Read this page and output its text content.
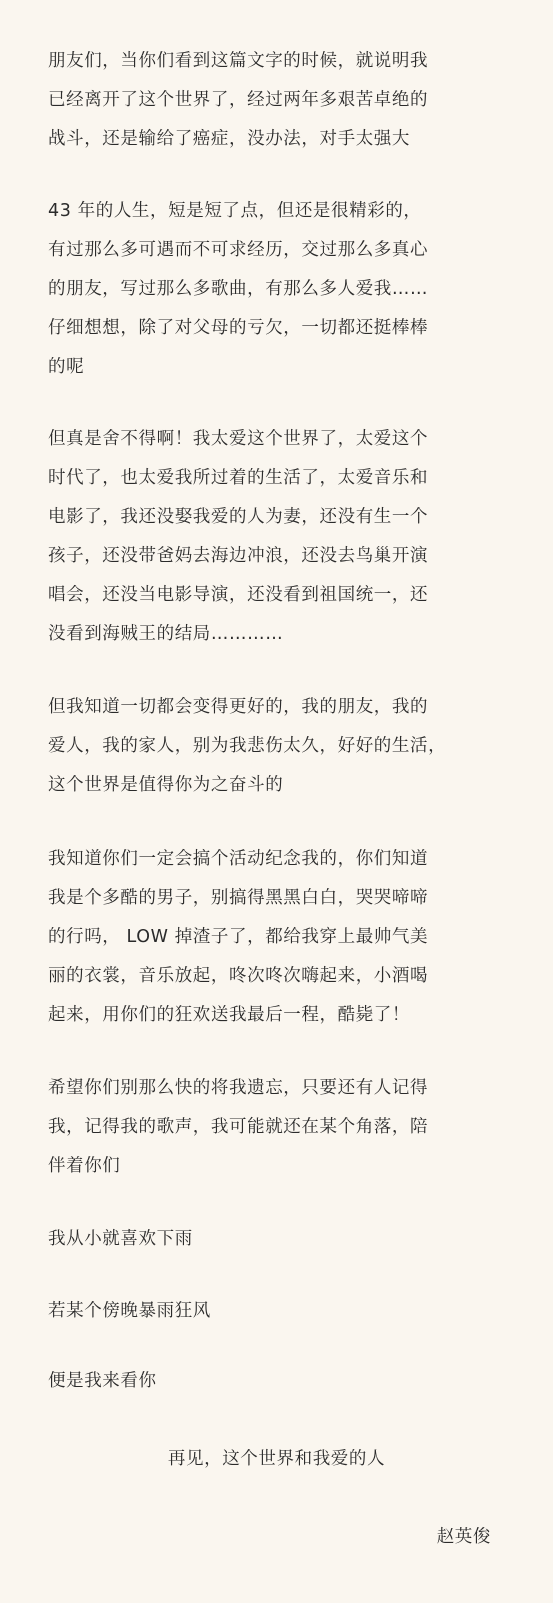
朋友们，当你们看到这篇文字的时候，就说明我
已经离开了这个世界了，经过两年多艰苦卓绝的
战斗，还是输给了癌症，没办法，对手太强大
43 年的人生，短是短了点，但还是很精彩的，
有过那么多可遇而不可求经历，交过那么多真心
的朋友，写过那么多歌曲，有那么多人爱我……
仔细想想，除了对父母的亏欠，一切都还挺棒棒
的呢
但真是舍不得啊！我太爱这个世界了，太爱这个
时代了，也太爱我所过着的生活了，太爱音乐和
电影了，我还没娶我爱的人为妻，还没有生一个
孩子，还没带爸妈去海边冲浪，还没去鸟巢开演
唱会，还没当电影导演，还没看到祖国统一，还
没看到海贼王的结局…………
但我知道一切都会变得更好的，我的朋友，我的
爱人，我的家人，别为我悲伤太久，好好的生活，
这个世界是值得你为之奋斗的
我知道你们一定会搞个活动纪念我的，你们知道
我是个多酷的男子，别搞得黑黑白白，哭哭啼啼
的行吗， LOW 掉渣子了，都给我穿上最帅气美
丽的衣裳，音乐放起，咚次咚次嗨起来，小酒喝
起来，用你们的狂欢送我最后一程，酷毙了！
希望你们别那么快的将我遗忘，只要还有人记得
我，记得我的歌声，我可能就还在某个角落，陪
伴着你们

我从小就喜欢下雨

若某个傍晚暴雨狂风

便是我来看你

再见，这个世界和我爱的人

赵英俊
